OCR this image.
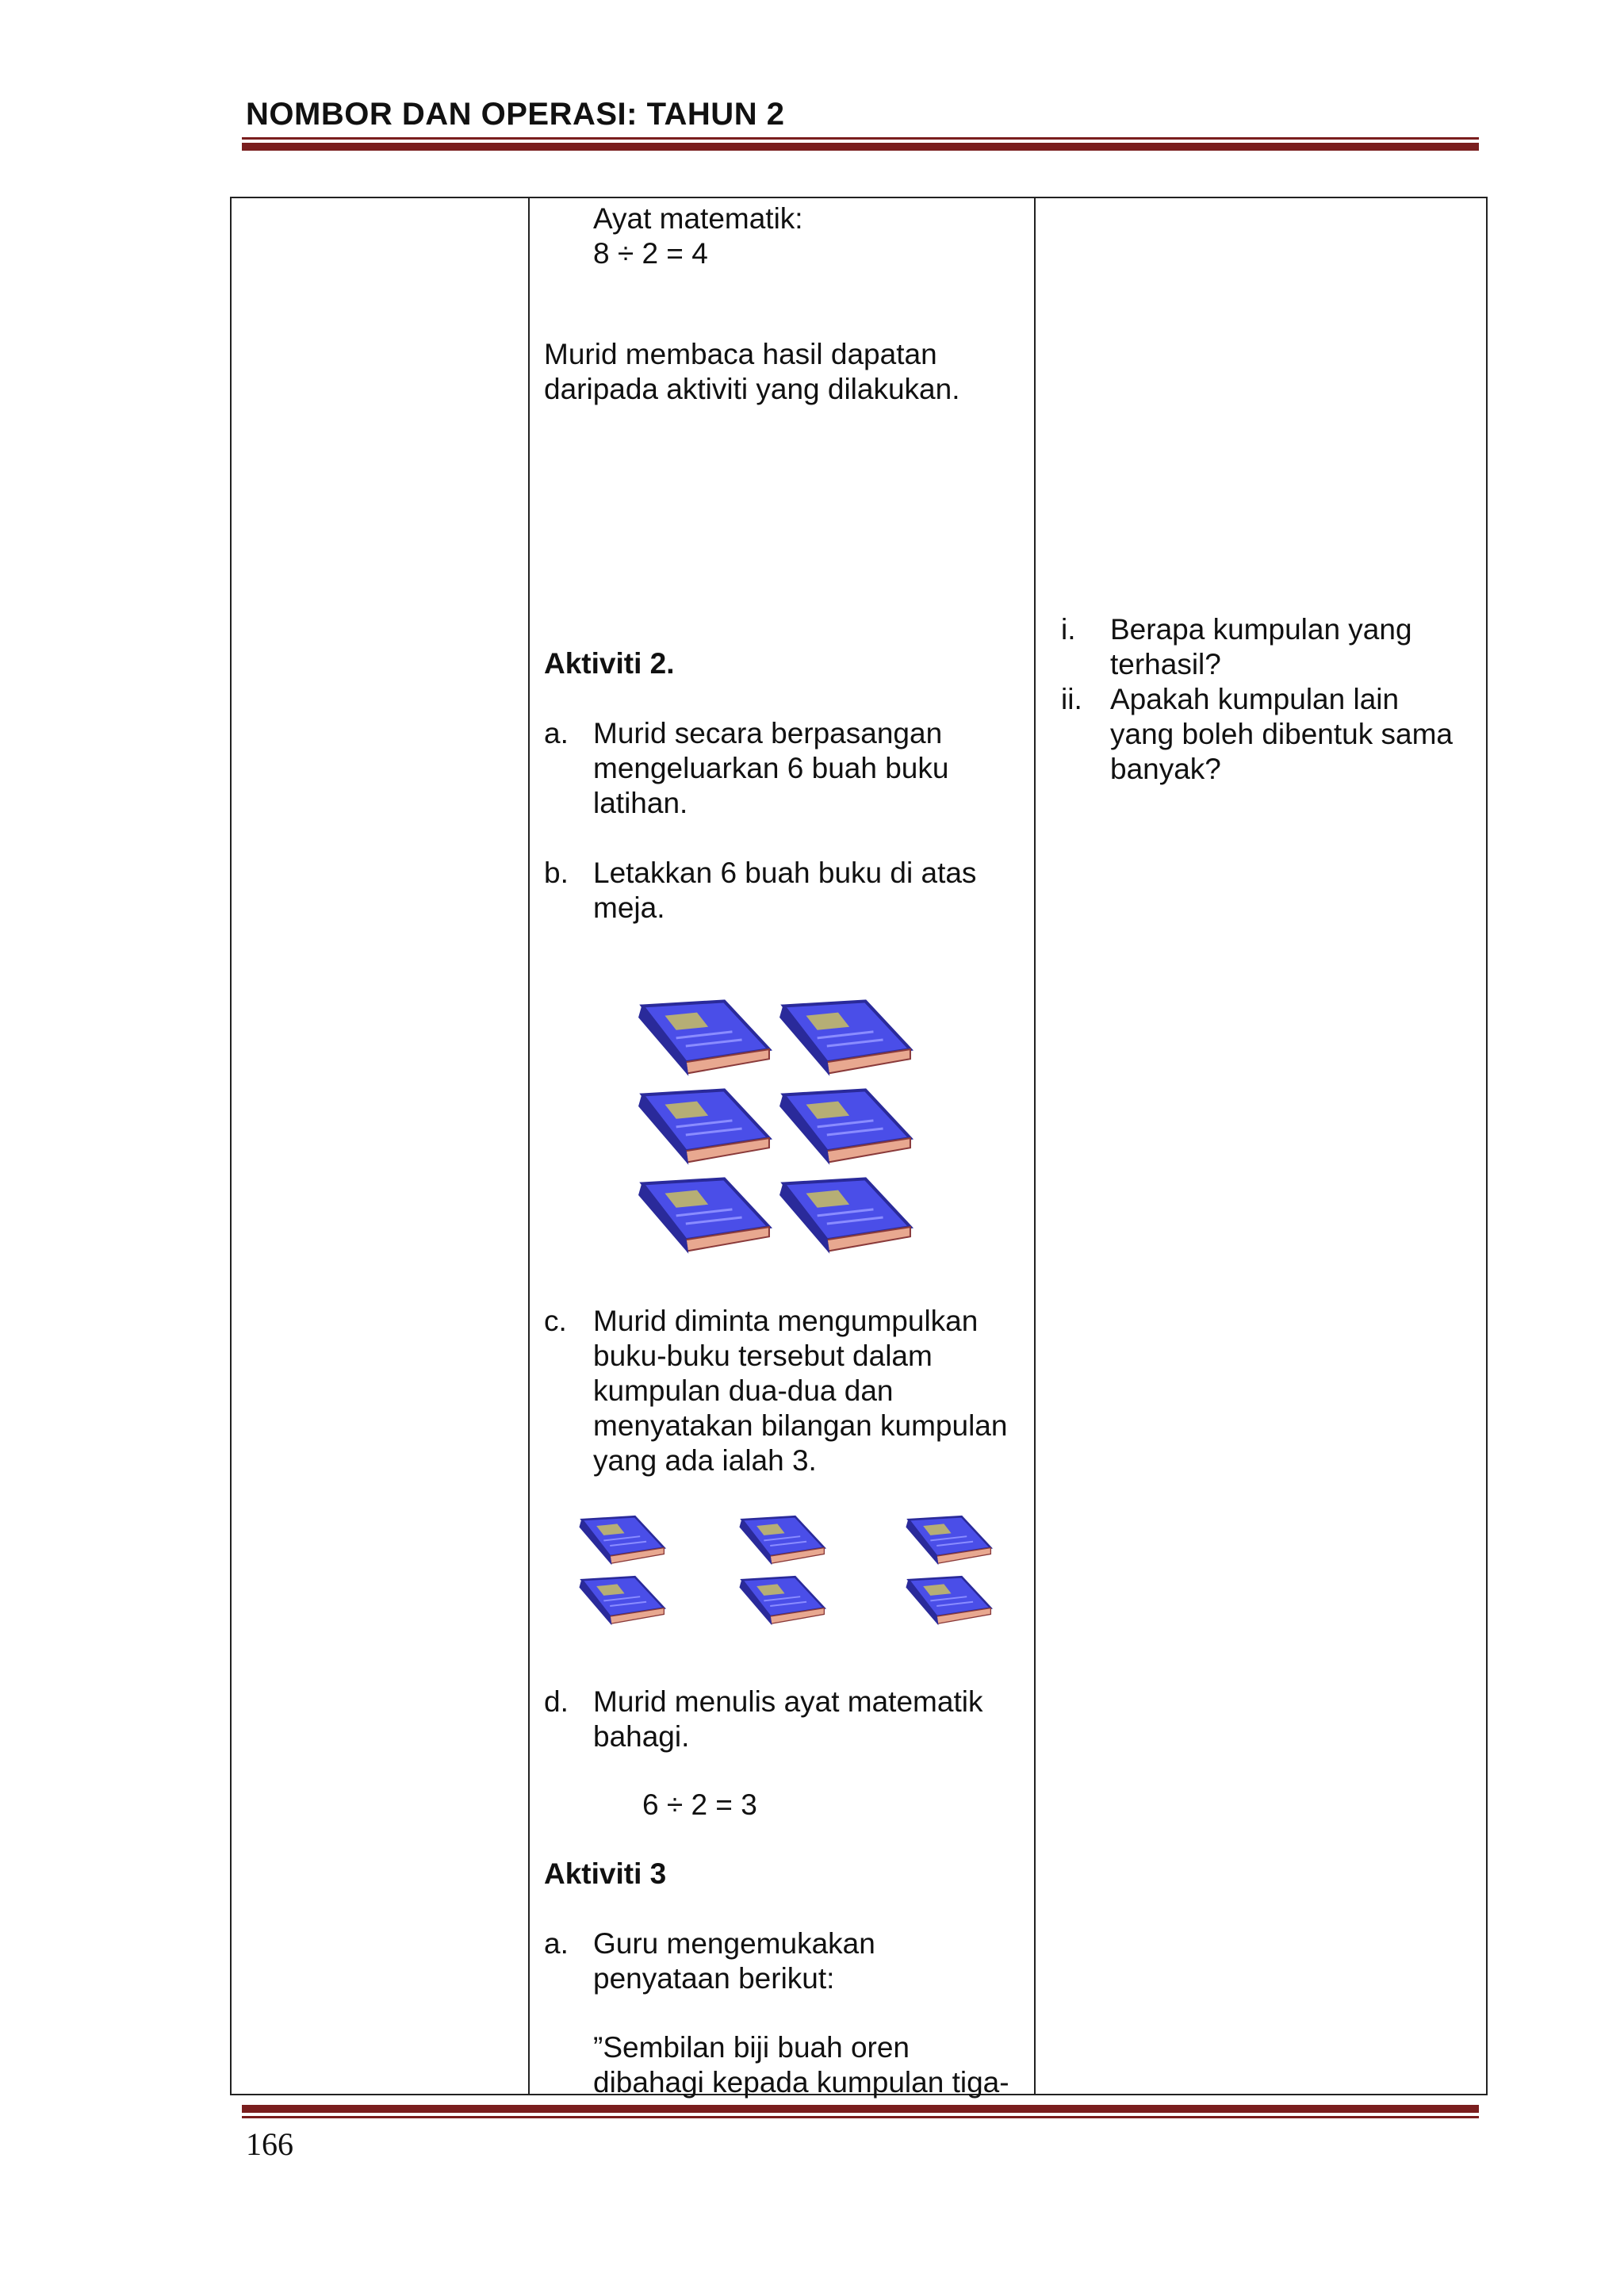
NOMBOR DAN OPERASI: TAHUN 2
Ayat matematik:
8 ÷ 2 = 4
Murid membaca hasil dapatan
daripada aktiviti yang dilakukan.
Aktiviti 2.
a. Murid secara berpasangan
mengeluarkan 6 buah buku
latihan.
b. Letakkan 6 buah buku di atas
meja.
c. Murid diminta mengumpulkan
buku-buku tersebut dalam
kumpulan dua-dua dan
menyatakan bilangan kumpulan
yang ada ialah 3.
d. Murid menulis ayat matematik
bahagi.
6 ÷ 2 = 3
Aktiviti 3
a. Guru mengemukakan
penyataan berikut:
”Sembilan biji buah oren
dibahagi kepada kumpulan tiga-
i. Berapa kumpulan yang
terhasil?
ii. Apakah kumpulan lain
yang boleh dibentuk sama
banyak?
166
